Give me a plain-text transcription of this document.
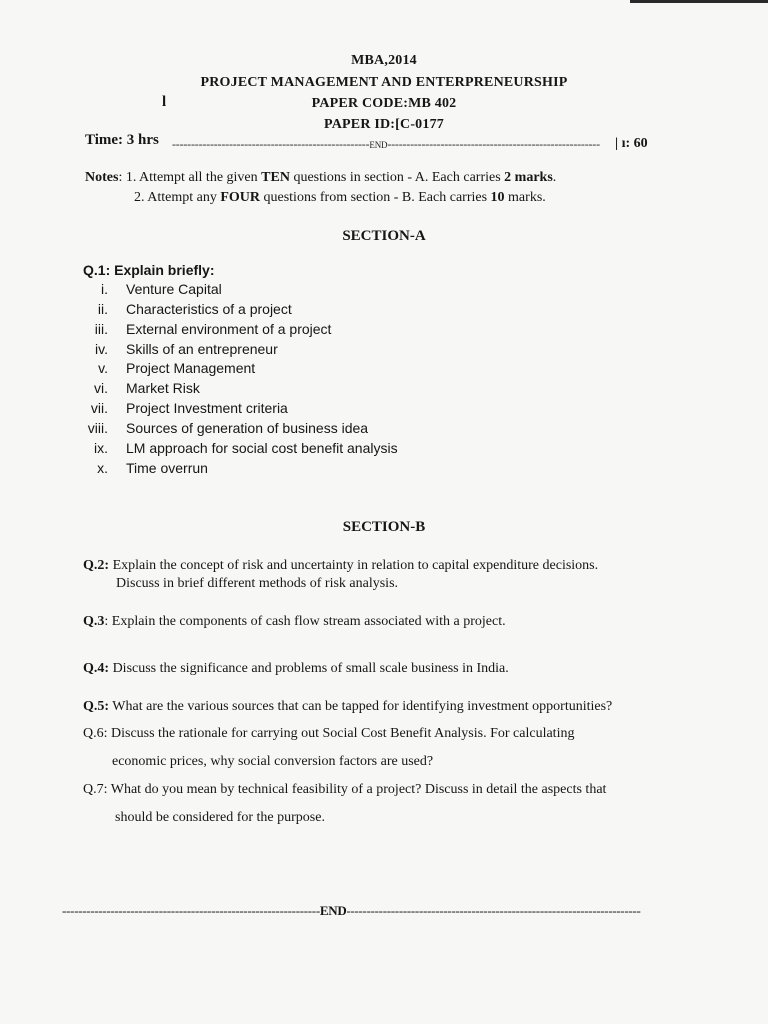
MBA,2014
PROJECT MANAGEMENT AND ENTERPRENEURSHIP
l	PAPER CODE:MB 402
PAPER ID:[C-0177
Time: 3 hrs ----------------------------------------------------END-------------------------------------------------------- | ı: 60
Notes: 1. Attempt all the given TEN questions in section - A. Each carries 2 marks.
2. Attempt any FOUR questions from section - B. Each carries 10 marks.
SECTION-A
Q.1: Explain briefly:
i. Venture Capital
ii. Characteristics of a project
iii. External environment of a project
iv. Skills of an entrepreneur
v. Project Management
vi. Market Risk
vii. Project Investment criteria
viii. Sources of generation of business idea
ix. LM approach for social cost benefit analysis
x. Time overrun
SECTION-B
Q.2: Explain the concept of risk and uncertainty in relation to capital expenditure decisions.
Discuss in brief different methods of risk analysis.
Q.3: Explain the components of cash flow stream associated with a project.
Q.4: Discuss the significance and problems of small scale business in India.
Q.5: What are the various sources that can be tapped for identifying investment opportunities?
Q.6: Discuss the rationale for carrying out Social Cost Benefit Analysis. For calculating
economic prices, why social conversion factors are used?
Q.7: What do you mean by technical feasibility of a project? Discuss in detail the aspects that
should be considered for the purpose.
----------------------------------------------------------------END-------------------------------------------------------------------------
